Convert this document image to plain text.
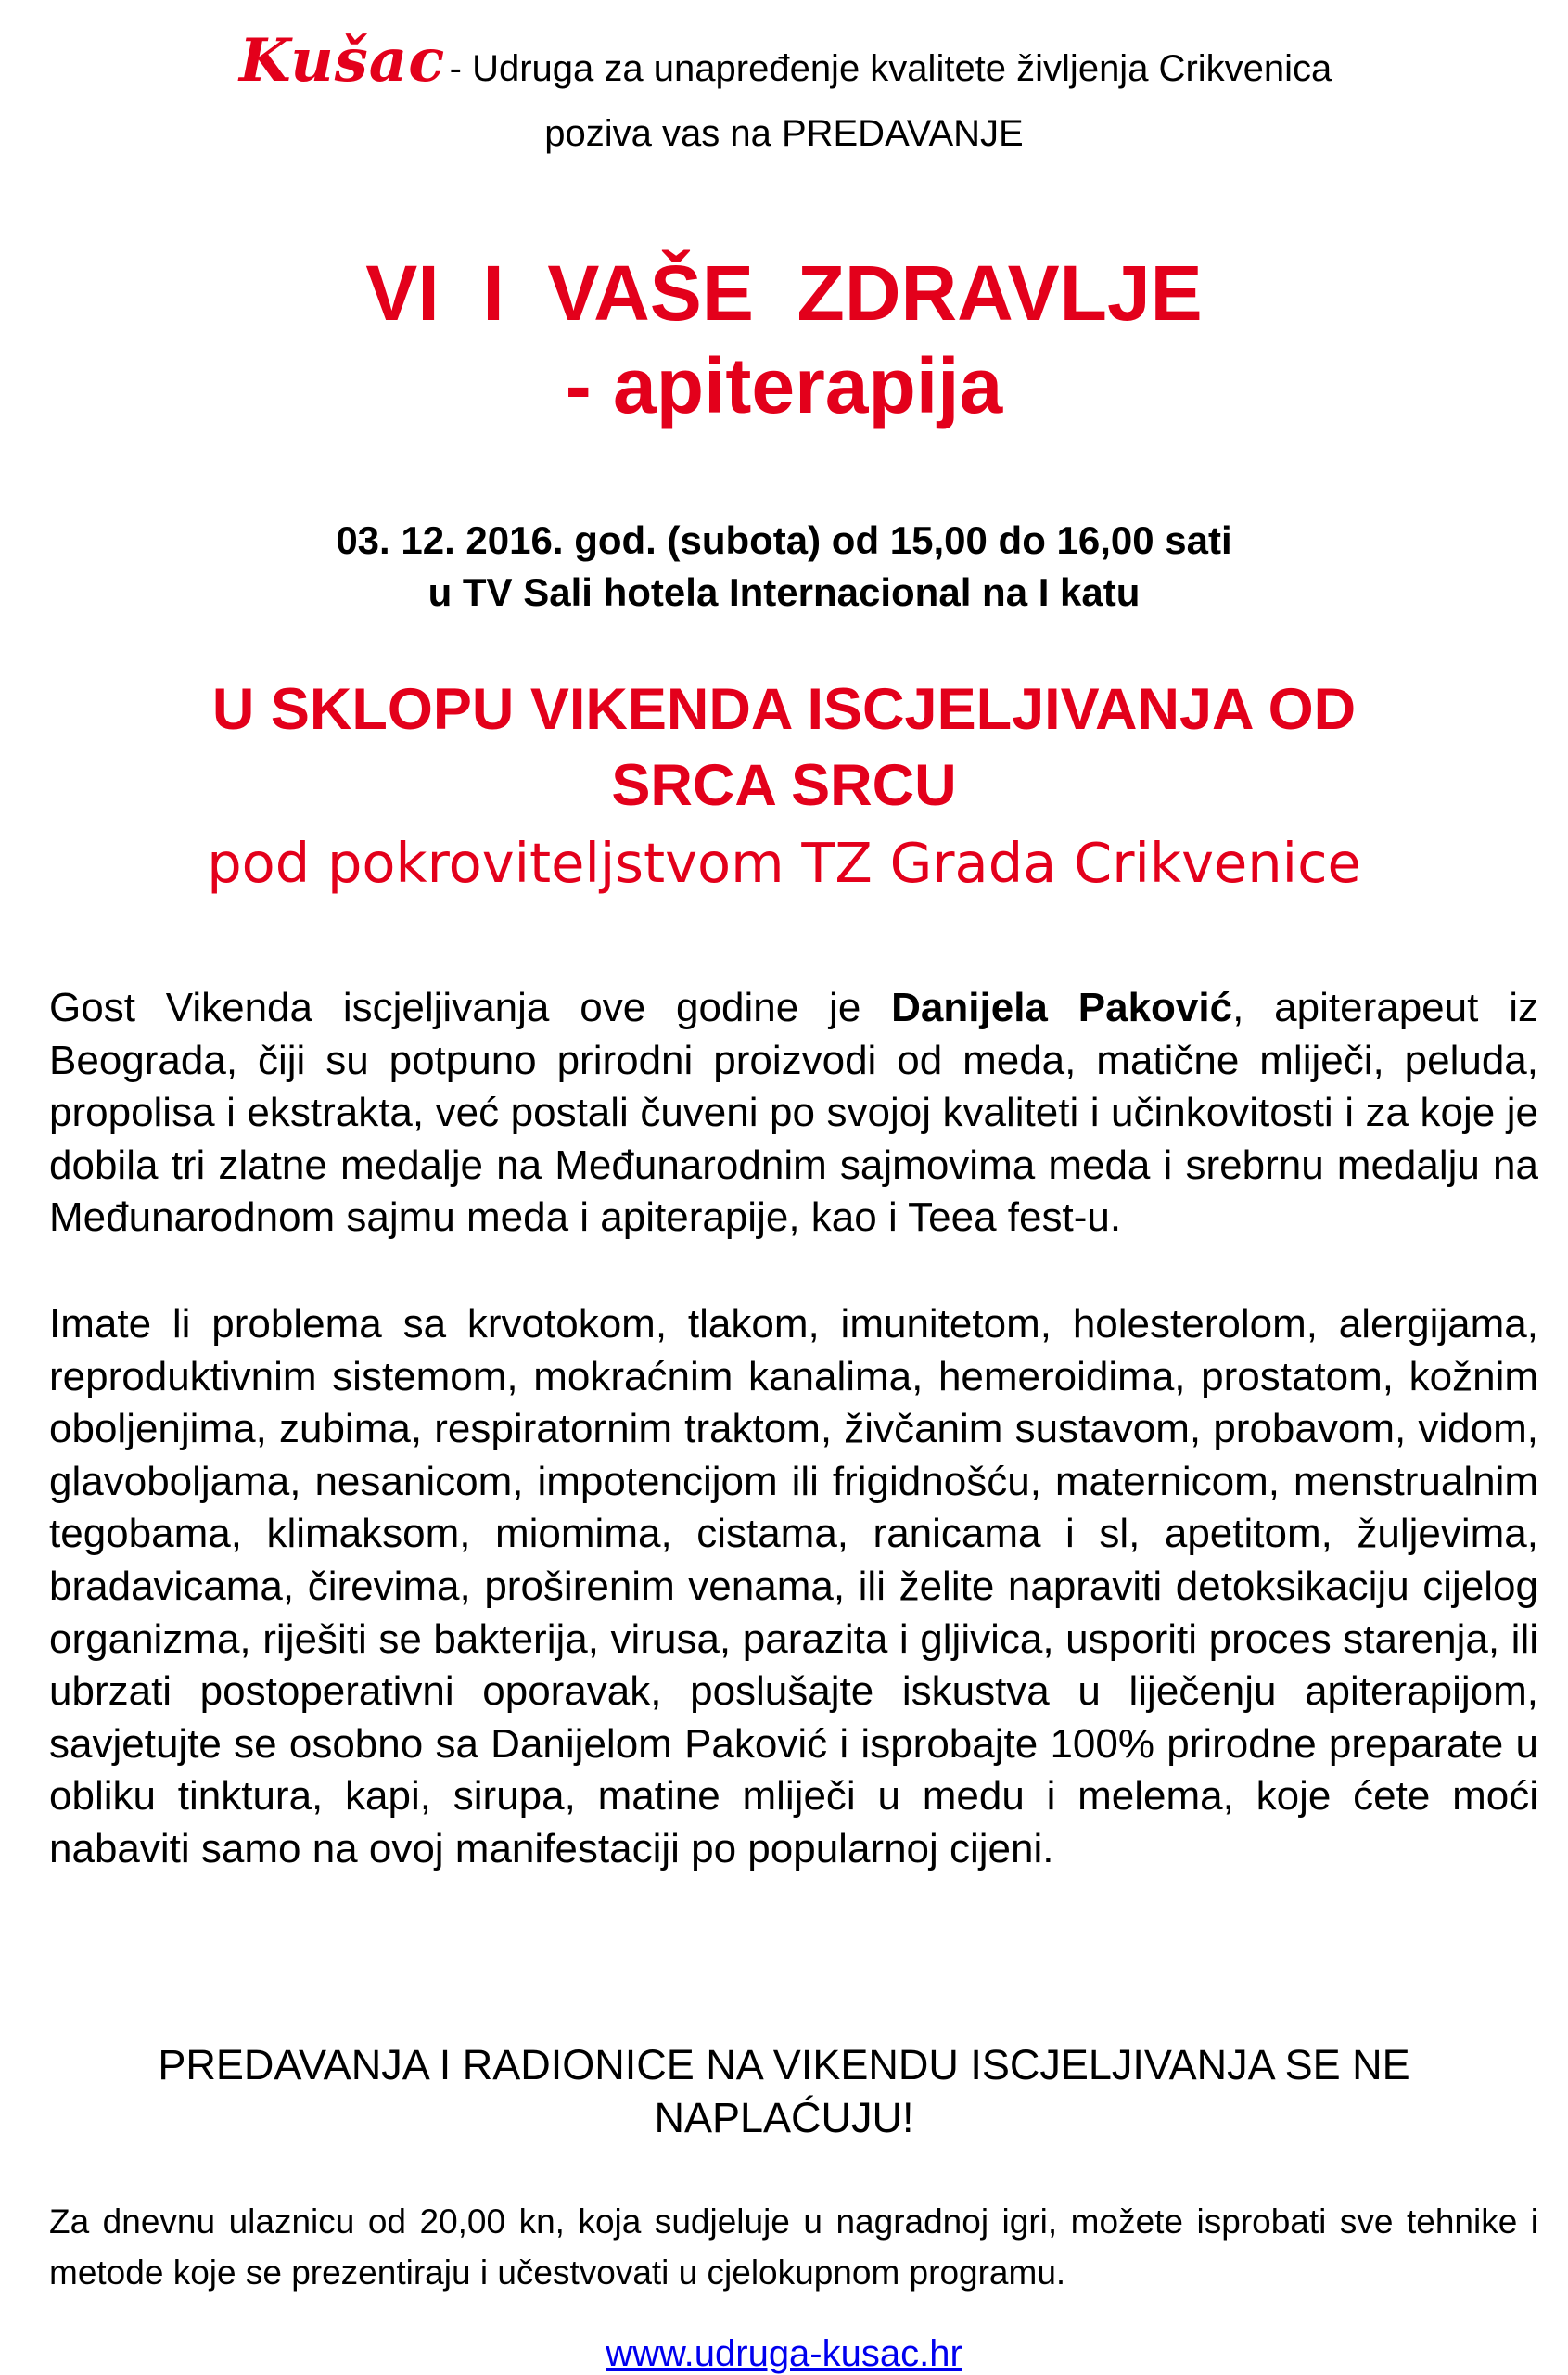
Kušac - Udruga za unapređenje kvalitete življenja Crikvenica
poziva vas na PREDAVANJE
VI  I  VAŠE  ZDRAVLJE
- apiterapija
03. 12. 2016. god. (subota) od 15,00 do 16,00 sati
u TV Sali hotela Internacional na I katu
U SKLOPU VIKENDA ISCJELJIVANJA OD
SRCA SRCU
pod pokroviteljstvom TZ Grada Crikvenice
Gost Vikenda iscjeljivanja ove godine je Danijela Paković, apiterapeut iz Beograda, čiji su potpuno prirodni proizvodi od meda, matične mliječi, peluda, propolisa i ekstrakta, već postali čuveni po svojoj kvaliteti i učinkovitosti i za koje je dobila tri zlatne medalje na Međunarodnim sajmovima meda i srebrnu medalju na Međunarodnom sajmu meda i apiterapije, kao i Teea fest-u.
Imate li problema sa krvotokom, tlakom, imunitetom, holesterolom, alergijama, reproduktivnim sistemom, mokraćnim kanalima, hemeroidima, prostatom, kožnim oboljenjima, zubima, respiratornim traktom, živčanim sustavom, probavom, vidom, glavoboljama, nesanicom, impotencijom ili frigidnošću, maternicom, menstrualnim tegobama, klimaksom, miomima, cistama, ranicama i sl, apetitom, žuljevima, bradavicama, čirevima, proširenim venama, ili želite napraviti detoksikaciju cijelog organizma, riješiti se bakterija, virusa, parazita i gljivica, usporiti proces starenja, ili ubrzati postoperativni oporavak, poslušajte iskustva u liječenju apiterapijom, savjetujte se osobno sa Danijelom Paković i isprobajte 100% prirodne preparate u obliku tinktura, kapi, sirupa, matine mliječi u medu i melema, koje ćete moći nabaviti samo na ovoj manifestaciji po popularnoj cijeni.
PREDAVANJA I RADIONICE NA VIKENDU ISCJELJIVANJA SE NE
NAPLAĆUJU!
Za dnevnu ulaznicu od 20,00 kn, koja sudjeluje u nagradnoj igri, možete isprobati sve tehnike i metode koje se prezentiraju i učestvovati u cjelokupnom programu.
www.udruga-kusac.hr
